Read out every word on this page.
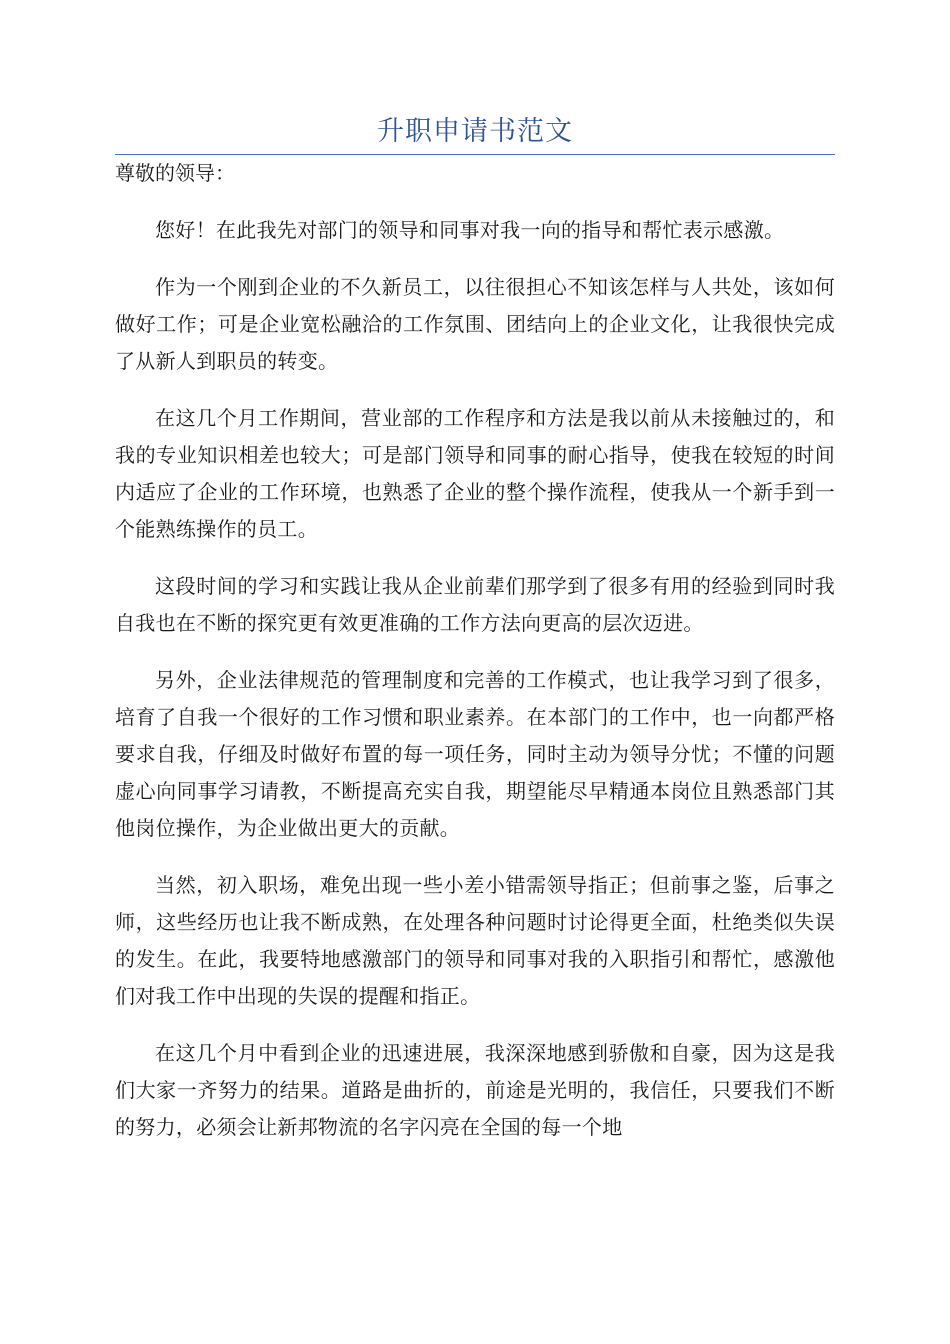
升职申请书范文

尊敬的领导：

您好！在此我先对部门的领导和同事对我一向的指导和帮忙表示感激。

作为一个刚到企业的不久新员工，以往很担心不知该怎样与人共处，该如何做好工作；可是企业宽松融洽的工作氛围、团结向上的企业文化，让我很快完成了从新人到职员的转变。

在这几个月工作期间，营业部的工作程序和方法是我以前从未接触过的，和我的专业知识相差也较大；可是部门领导和同事的耐心指导，使我在较短的时间内适应了企业的工作环境，也熟悉了企业的整个操作流程，使我从一个新手到一个能熟练操作的员工。

这段时间的学习和实践让我从企业前辈们那学到了很多有用的经验到同时我自我也在不断的探究更有效更准确的工作方法向更高的层次迈进。

另外，企业法律规范的管理制度和完善的工作模式，也让我学习到了很多，培育了自我一个很好的工作习惯和职业素养。在本部门的工作中，也一向都严格要求自我，仔细及时做好布置的每一项任务，同时主动为领导分忧；不懂的问题虚心向同事学习请教，不断提高充实自我，期望能尽早精通本岗位且熟悉部门其他岗位操作，为企业做出更大的贡献。

当然，初入职场，难免出现一些小差小错需领导指正；但前事之鉴，后事之师，这些经历也让我不断成熟，在处理各种问题时讨论得更全面，杜绝类似失误的发生。在此，我要特地感激部门的领导和同事对我的入职指引和帮忙，感激他们对我工作中出现的失误的提醒和指正。

在这几个月中看到企业的迅速进展，我深深地感到骄傲和自豪，因为这是我们大家一齐努力的结果。道路是曲折的，前途是光明的，我信任，只要我们不断的努力，必须会让新邦物流的名字闪亮在全国的每一个地
